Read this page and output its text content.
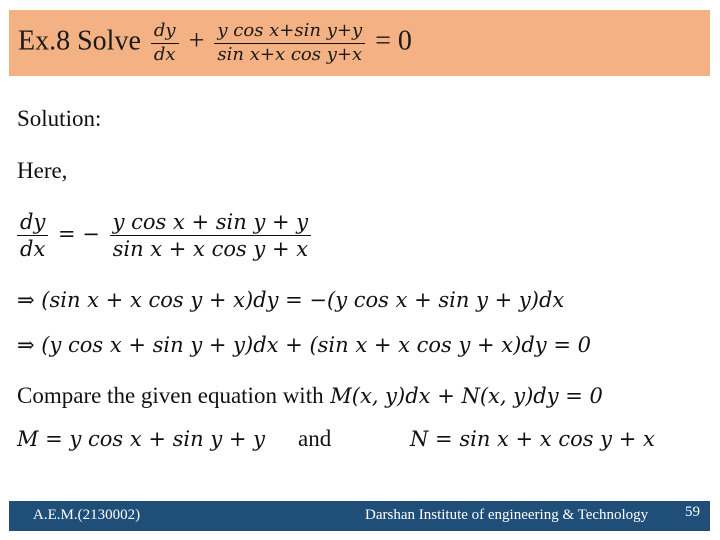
Ex.8 Solve $\frac{dy}{dx} + \frac{\text{y cos x+sin y+y}}{\text{sin x+x cos y+x}} = 0$
Solution:
Here,
$\frac{dy}{dx}$ = − $\frac{\text{y cos x + sin y + y}}{\text{sin x + x cos y + x}}$
⇒ (sin x + x cos y + x)dy = −(y cos x + sin y + y)dx
⇒ (y cos x + sin y + y)dx + (sin x + x cos y + x)dy = 0
Compare the given equation with M(x, y)dx + N(x, y)dy = 0
M = y cos x + sin y + y and	N = sin x + x cos y + x
A.E.M.(2130002)	Darshan Institute of engineering & Technology 59
